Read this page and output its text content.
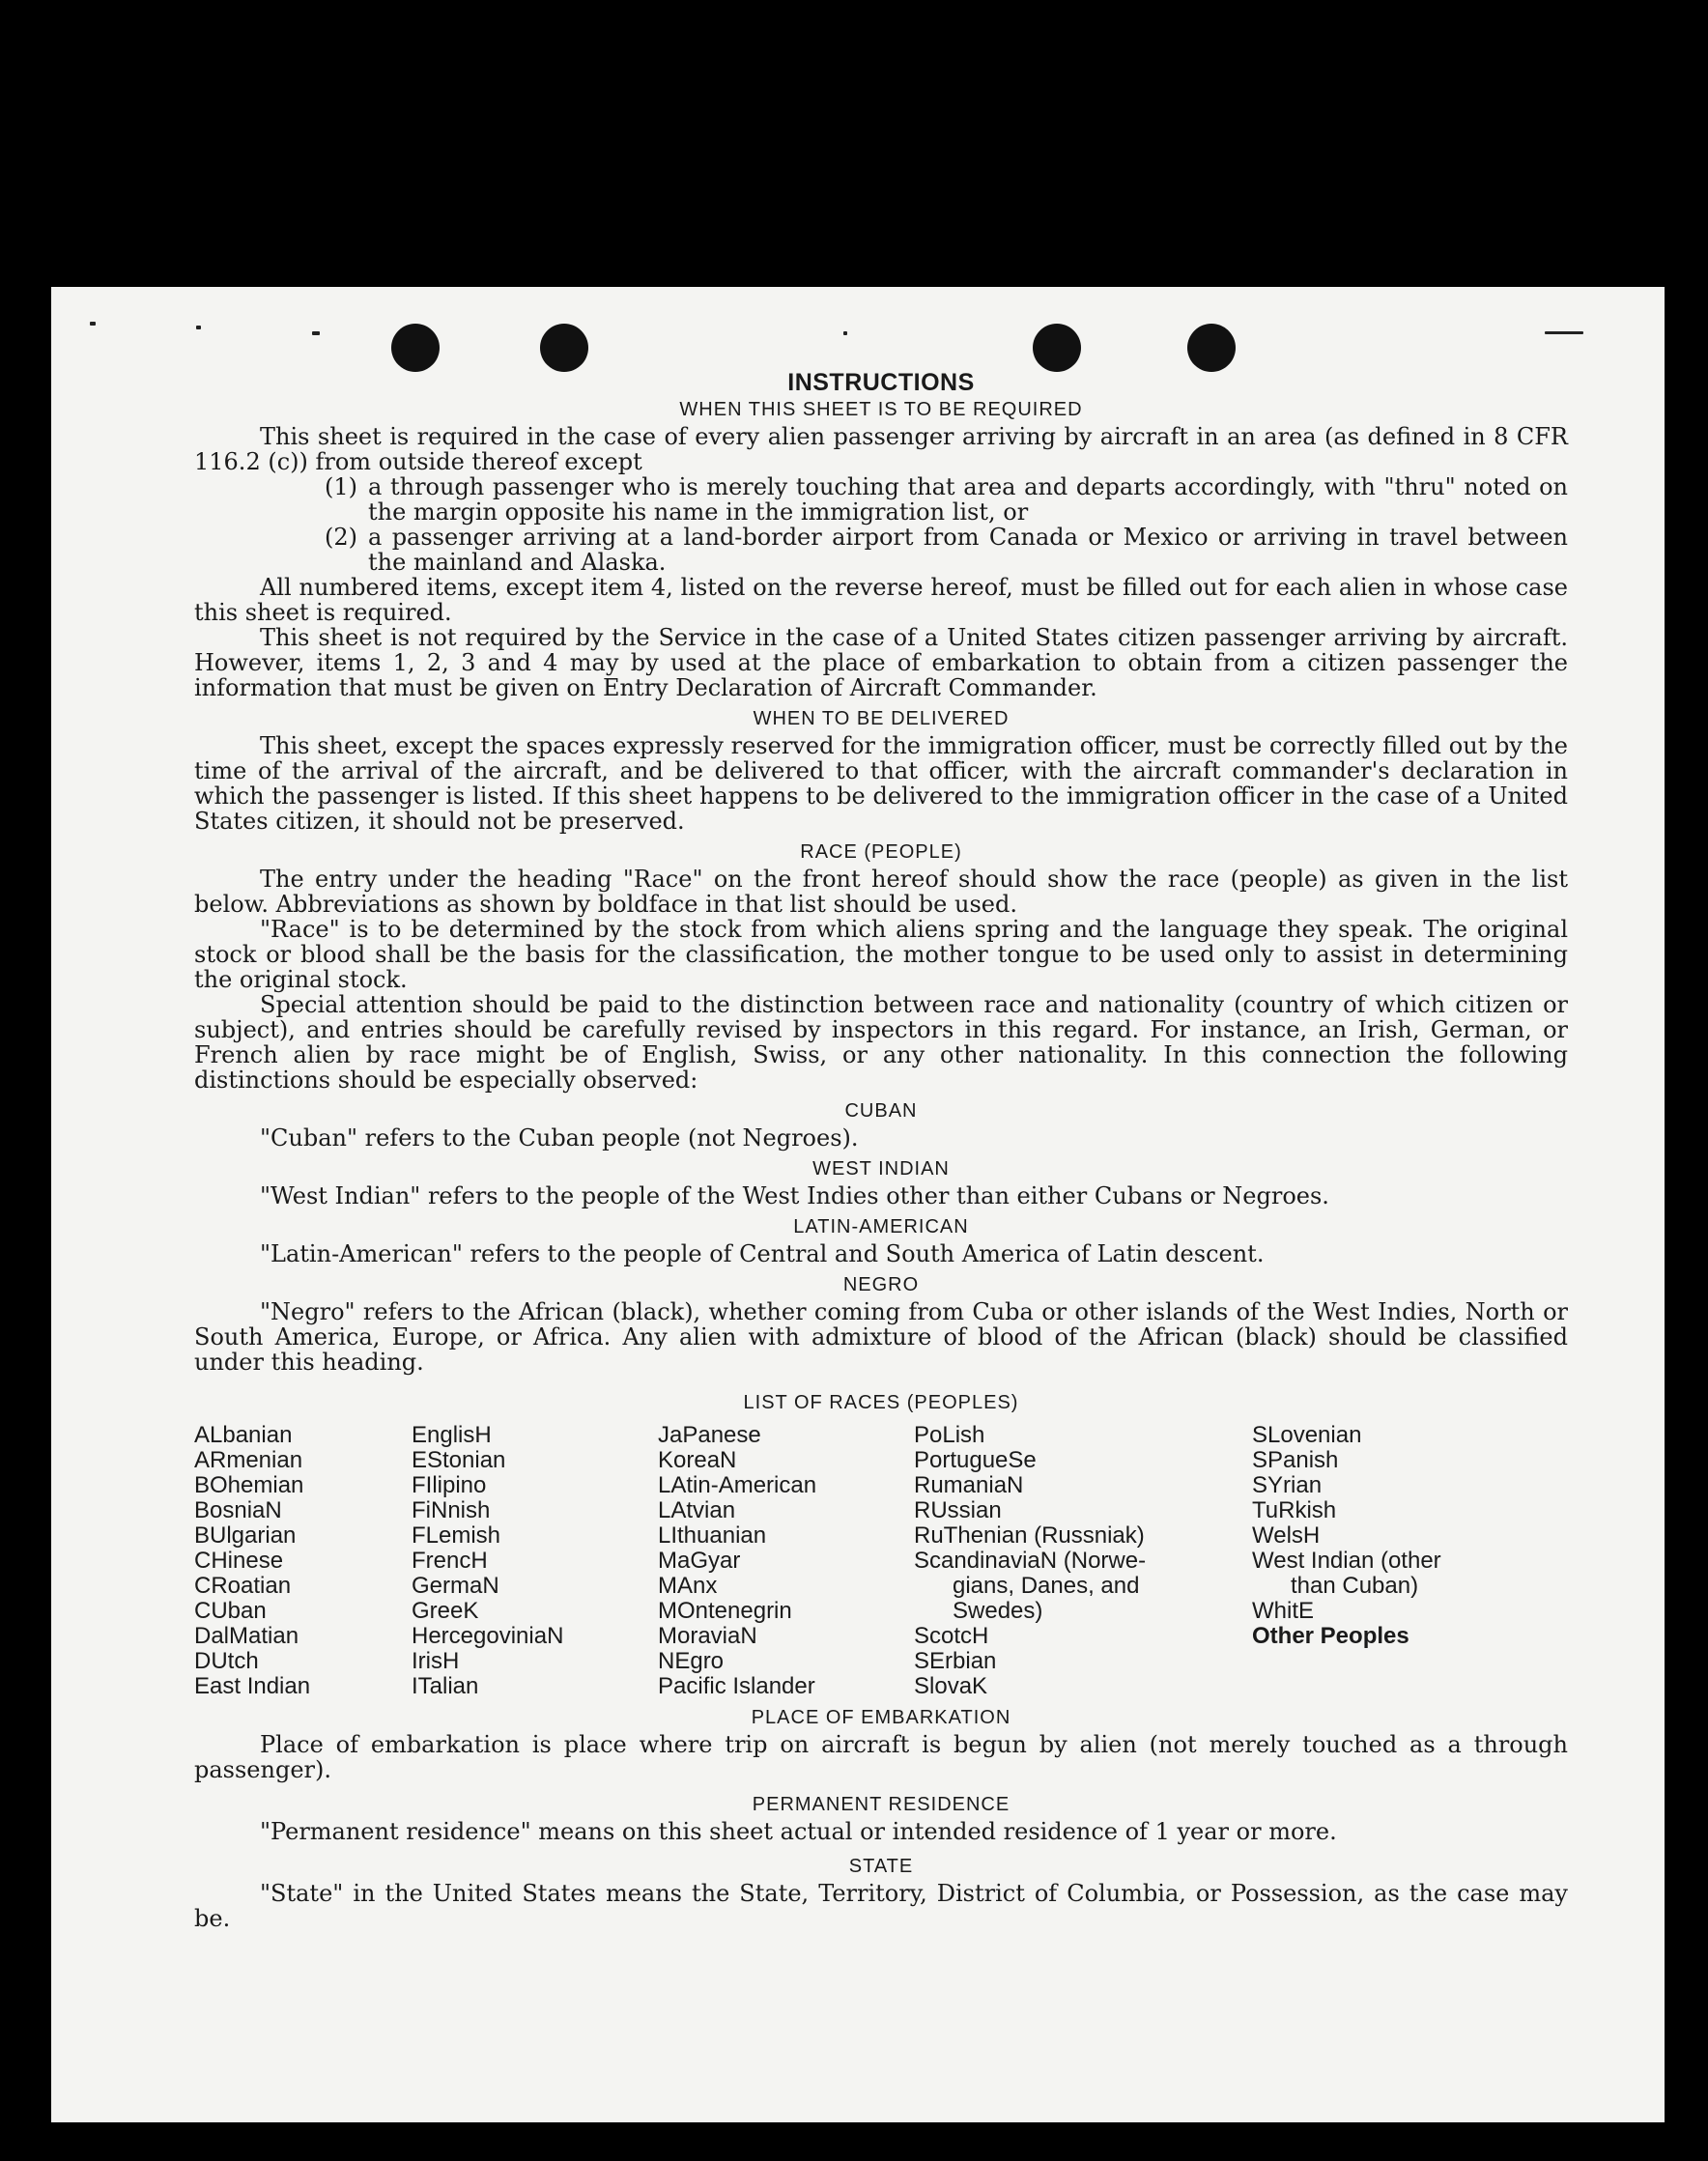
INSTRUCTIONS
WHEN THIS SHEET IS TO BE REQUIRED

This sheet is required in the case of every alien passenger arriving by aircraft in an area (as defined in 8 CFR 116.2 (c)) from outside thereof except

(1) a through passenger who is merely touching that area and departs accordingly, with "thru" noted on the margin opposite his name in the immigration list, or
(2) a passenger arriving at a land-border airport from Canada or Mexico or arriving in travel between the mainland and Alaska.

All numbered items, except item 4, listed on the reverse hereof, must be filled out for each alien in whose case this sheet is required.

This sheet is not required by the Service in the case of a United States citizen passenger arriving by aircraft. However, items 1, 2, 3 and 4 may by used at the place of embarkation to obtain from a citizen passenger the information that must be given on Entry Declaration of Aircraft Commander.

WHEN TO BE DELIVERED

This sheet, except the spaces expressly reserved for the immigration officer, must be correctly filled out by the time of the arrival of the aircraft, and be delivered to that officer, with the aircraft commander's declaration in which the passenger is listed. If this sheet happens to be delivered to the immigration officer in the case of a United States citizen, it should not be preserved.

RACE (PEOPLE)

The entry under the heading "Race" on the front hereof should show the race (people) as given in the list below. Abbreviations as shown by boldface in that list should be used.

"Race" is to be determined by the stock from which aliens spring and the language they speak. The original stock or blood shall be the basis for the classification, the mother tongue to be used only to assist in determining the original stock.

Special attention should be paid to the distinction between race and nationality (country of which citizen or subject), and entries should be carefully revised by inspectors in this regard. For instance, an Irish, German, or French alien by race might be of English, Swiss, or any other nationality. In this connection the following distinctions should be especially observed:

CUBAN

"Cuban" refers to the Cuban people (not Negroes).

WEST INDIAN

"West Indian" refers to the people of the West Indies other than either Cubans or Negroes.

LATIN-AMERICAN

"Latin-American" refers to the people of Central and South America of Latin descent.

NEGRO

"Negro" refers to the African (black), whether coming from Cuba or other islands of the West Indies, North or South America, Europe, or Africa. Any alien with admixture of blood of the African (black) should be classified under this heading.

LIST OF RACES (PEOPLES)
ALbanian
ARmenian
BOhemian
BosniaN
BUlgarian
CHinese
CRoatian
CUban
DalMatian
DUtch
East Indian
EnglisH
EStonian
FIlipino
FiNnish
FLemish
FrencH
GermaN
GreeK
HercegoviniaN
IrisH
ITalian
JaPanese
KoreaN
LAtin-American
LAtvian
LIthuanian
MaGyar
MAnx
MOntenegrin
MoraviaN
NEgro
Pacific Islander
PoLish
PortugueSe
RumaniaN
RUssian
RuThenian (Russniak)
ScandinaviaN (Norwe-
gians, Danes, and
Swedes)
ScotcH
SErbian
SlovaK
SLovenian
SPanish
SYrian
TuRkish
WelsH
West Indian (other
than Cuban)
WhitE
Other Peoples
PLACE OF EMBARKATION

Place of embarkation is place where trip on aircraft is begun by alien (not merely touched as a through passenger).

PERMANENT RESIDENCE

"Permanent residence" means on this sheet actual or intended residence of 1 year or more.

STATE

"State" in the United States means the State, Territory, District of Columbia, or Possession, as the case may be.
